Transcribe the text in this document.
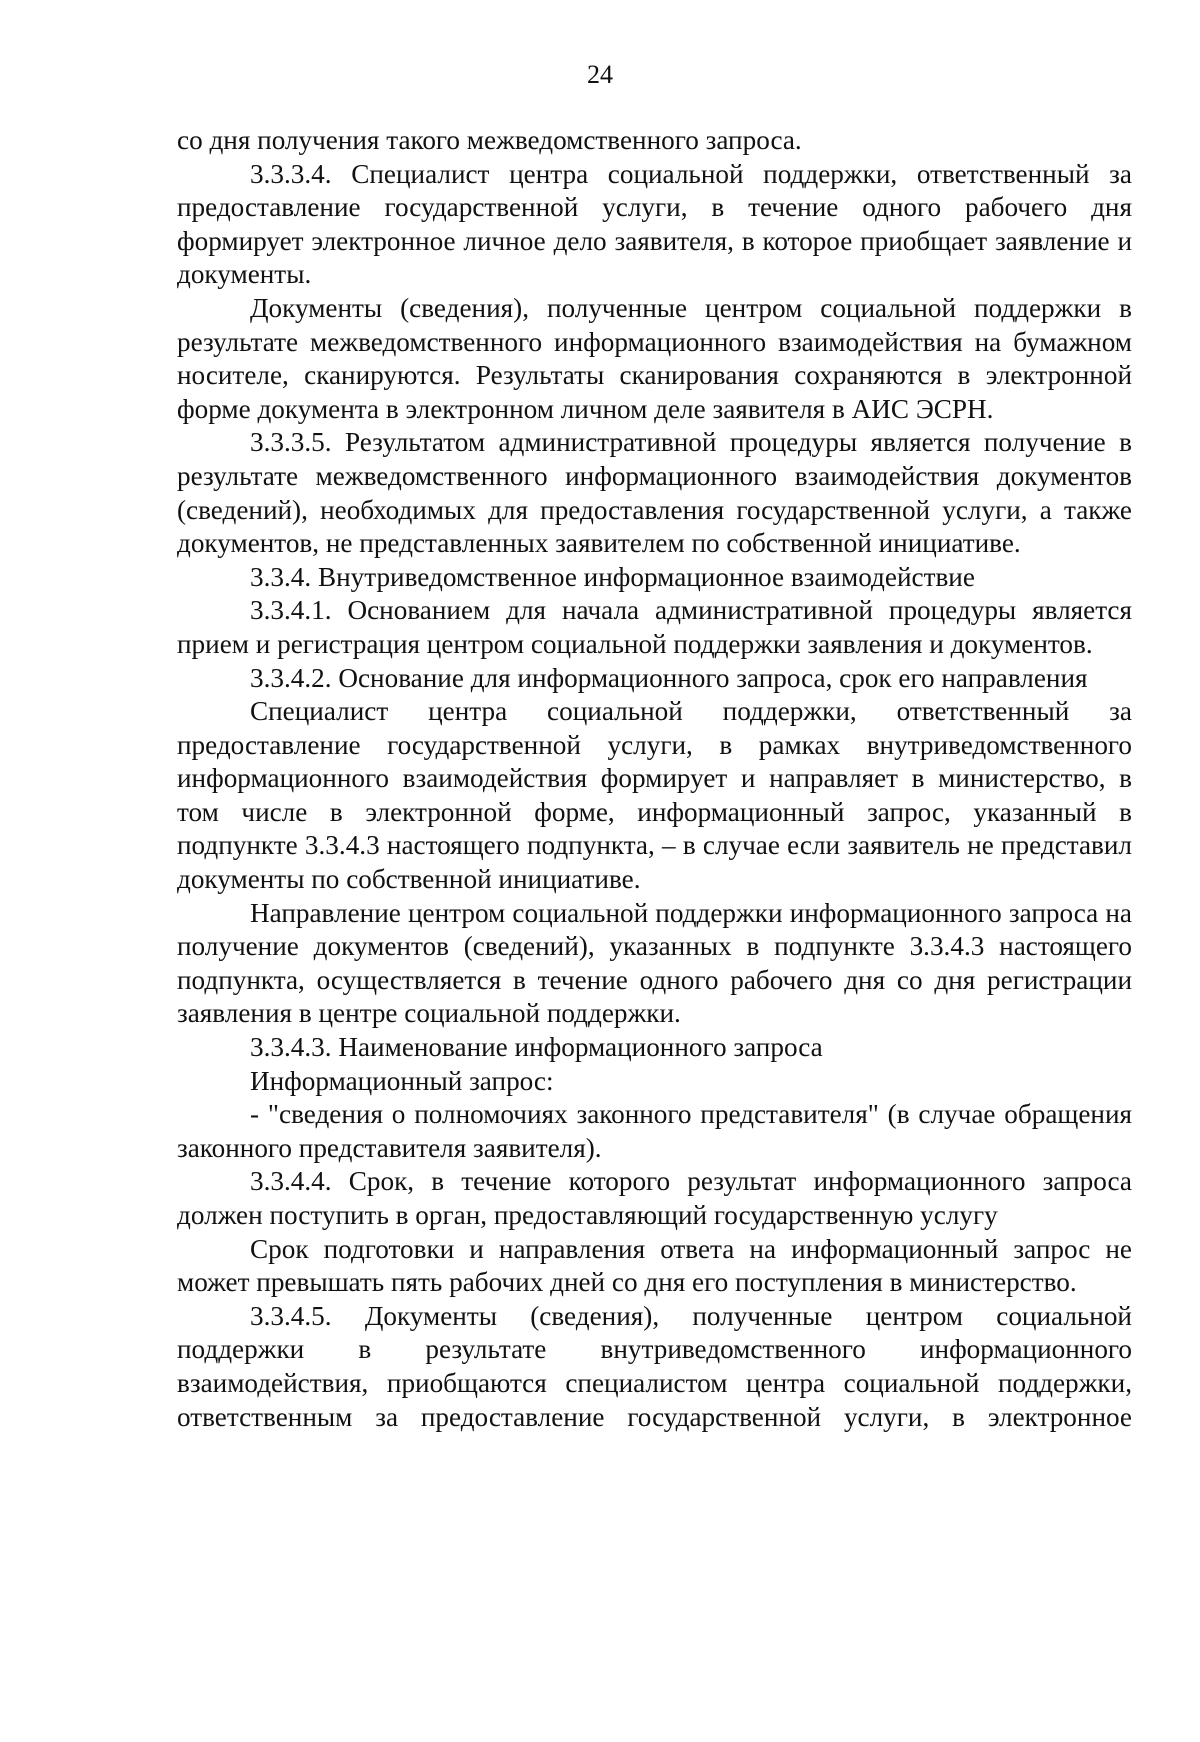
24

со дня получения такого межведомственного запроса.

3.3.3.4. Специалист центра социальной поддержки, ответственный за предоставление государственной услуги, в течение одного рабочего дня формирует электронное личное дело заявителя, в которое приобщает заявление и документы.

Документы (сведения), полученные центром социальной поддержки в результате межведомственного информационного взаимодействия на бумажном носителе, сканируются. Результаты сканирования сохраняются в электронной форме документа в электронном личном деле заявителя в АИС ЭСРН.

3.3.3.5. Результатом административной процедуры является получение в результате межведомственного информационного взаимодействия документов (сведений), необходимых для предоставления государственной услуги, а также документов, не представленных заявителем по собственной инициативе.

3.3.4. Внутриведомственное информационное взаимодействие

3.3.4.1. Основанием для начала административной процедуры является прием и регистрация центром социальной поддержки заявления и документов.

3.3.4.2. Основание для информационного запроса, срок его направления

Специалист центра социальной поддержки, ответственный за предоставление государственной услуги, в рамках внутриведомственного информационного взаимодействия формирует и направляет в министерство, в том числе в электронной форме, информационный запрос, указанный в подпункте 3.3.4.3 настоящего подпункта, – в случае если заявитель не представил документы по собственной инициативе.

Направление центром социальной поддержки информационного запроса на получение документов (сведений), указанных в подпункте 3.3.4.3 настоящего подпункта, осуществляется в течение одного рабочего дня со дня регистрации заявления в центре социальной поддержки.

3.3.4.3. Наименование информационного запроса

Информационный запрос:

- "сведения о полномочиях законного представителя" (в случае обращения законного представителя заявителя).

3.3.4.4. Срок, в течение которого результат информационного запроса должен поступить в орган, предоставляющий государственную услугу

Срок подготовки и направления ответа на информационный запрос не может превышать пять рабочих дней со дня его поступления в министерство.

3.3.4.5. Документы (сведения), полученные центром социальной поддержки в результате внутриведомственного информационного взаимодействия, приобщаются специалистом центра социальной поддержки, ответственным за предоставление государственной услуги, в электронное
